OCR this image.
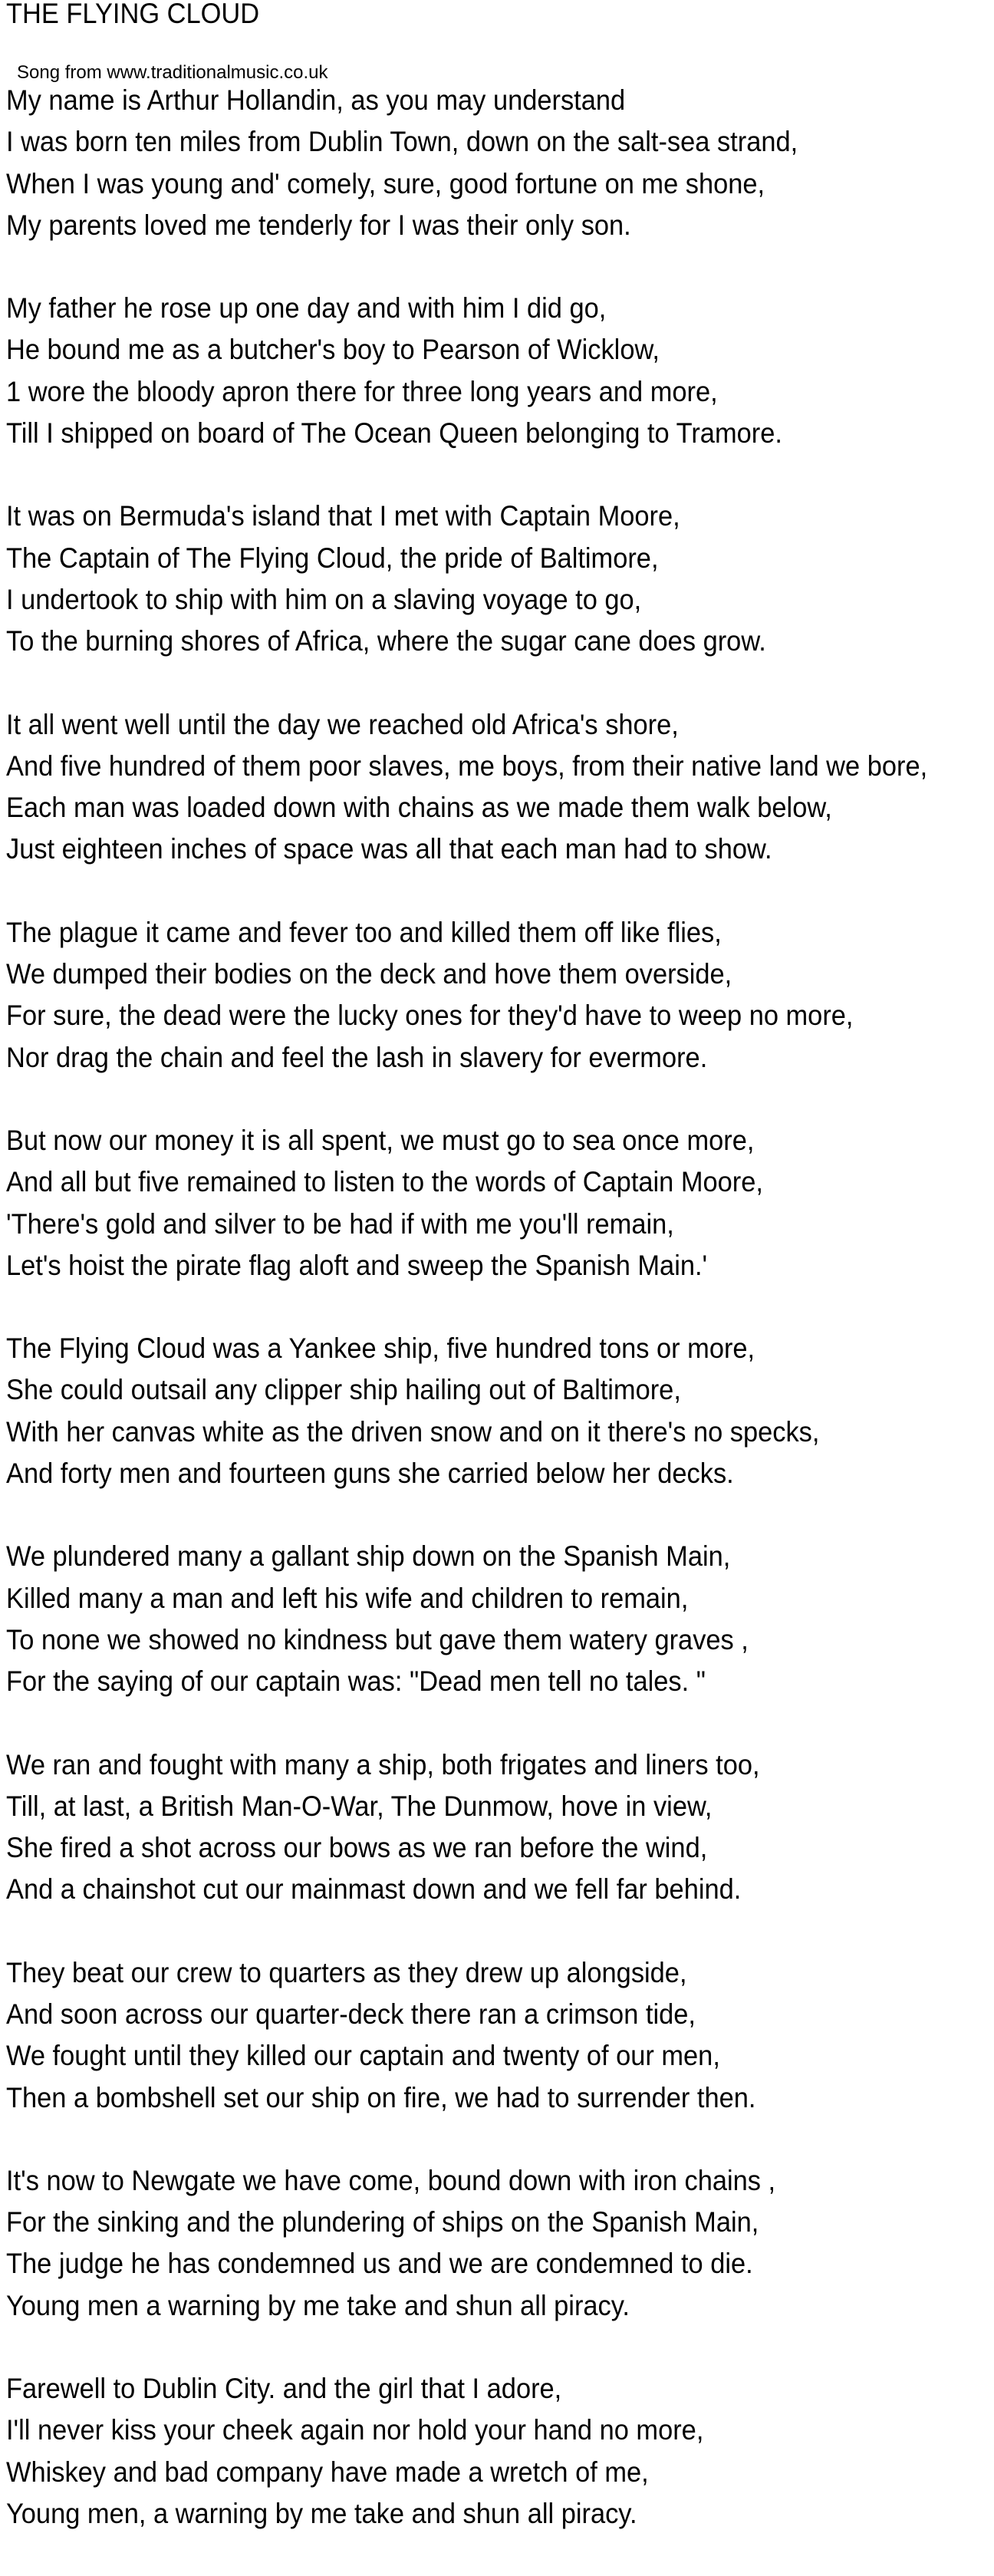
THE FLYING CLOUD
Song from www.traditionalmusic.co.uk
My name is Arthur Hollandin, as you may understand
I was born ten miles from Dublin Town, down on the salt-sea strand,
When I was young and' comely, sure, good fortune on me shone,
My parents loved me tenderly for I was their only son.
My father he rose up one day and with him I did go,
He bound me as a butcher's boy to Pearson of Wicklow,
1 wore the bloody apron there for three long years and more,
Till I shipped on board of The Ocean Queen belonging to Tramore.
It was on Bermuda's island that I met with Captain Moore,
The Captain of The Flying Cloud, the pride of Baltimore,
I undertook to ship with him on a slaving voyage to go,
To the burning shores of Africa, where the sugar cane does grow.
It all went well until the day we reached old Africa's shore,
And five hundred of them poor slaves, me boys, from their native land we bore,
Each man was loaded down with chains as we made them walk below,
Just eighteen inches of space was all that each man had to show.
The plague it came and fever too and killed them off like flies,
We dumped their bodies on the deck and hove them overside,
For sure, the dead were the lucky ones for they'd have to weep no more,
Nor drag the chain and feel the lash in slavery for evermore.
But now our money it is all spent, we must go to sea once more,
And all but five remained to listen to the words of Captain Moore,
'There's gold and silver to be had if with me you'll remain,
Let's hoist the pirate flag aloft and sweep the Spanish Main.'
The Flying Cloud was a Yankee ship, five hundred tons or more,
She could outsail any clipper ship hailing out of Baltimore,
With her canvas white as the driven snow and on it there's no specks,
And forty men and fourteen guns she carried below her decks.
We plundered many a gallant ship down on the Spanish Main,
Killed many a man and left his wife and children to remain,
To none we showed no kindness but gave them watery graves ,
For the saying of our captain was: "Dead men tell no tales. "
We ran and fought with many a ship, both frigates and liners too,
Till, at last, a British Man-O-War, The Dunmow, hove in view,
She fired a shot across our bows as we ran before the wind,
And a chainshot cut our mainmast down and we fell far behind.
They beat our crew to quarters as they drew up alongside,
And soon across our quarter-deck there ran a crimson tide,
We fought until they killed our captain and twenty of our men,
Then a bombshell set our ship on fire, we had to surrender then.
It's now to Newgate we have come, bound down with iron chains ,
For the sinking and the plundering of ships on the Spanish Main,
The judge he has condemned us and we are condemned to die.
Young men a warning by me take and shun all piracy.
Farewell to Dublin City. and the girl that I adore,
I'll never kiss your cheek again nor hold your hand no more,
Whiskey and bad company have made a wretch of me,
Young men, a warning by me take and shun all piracy.
